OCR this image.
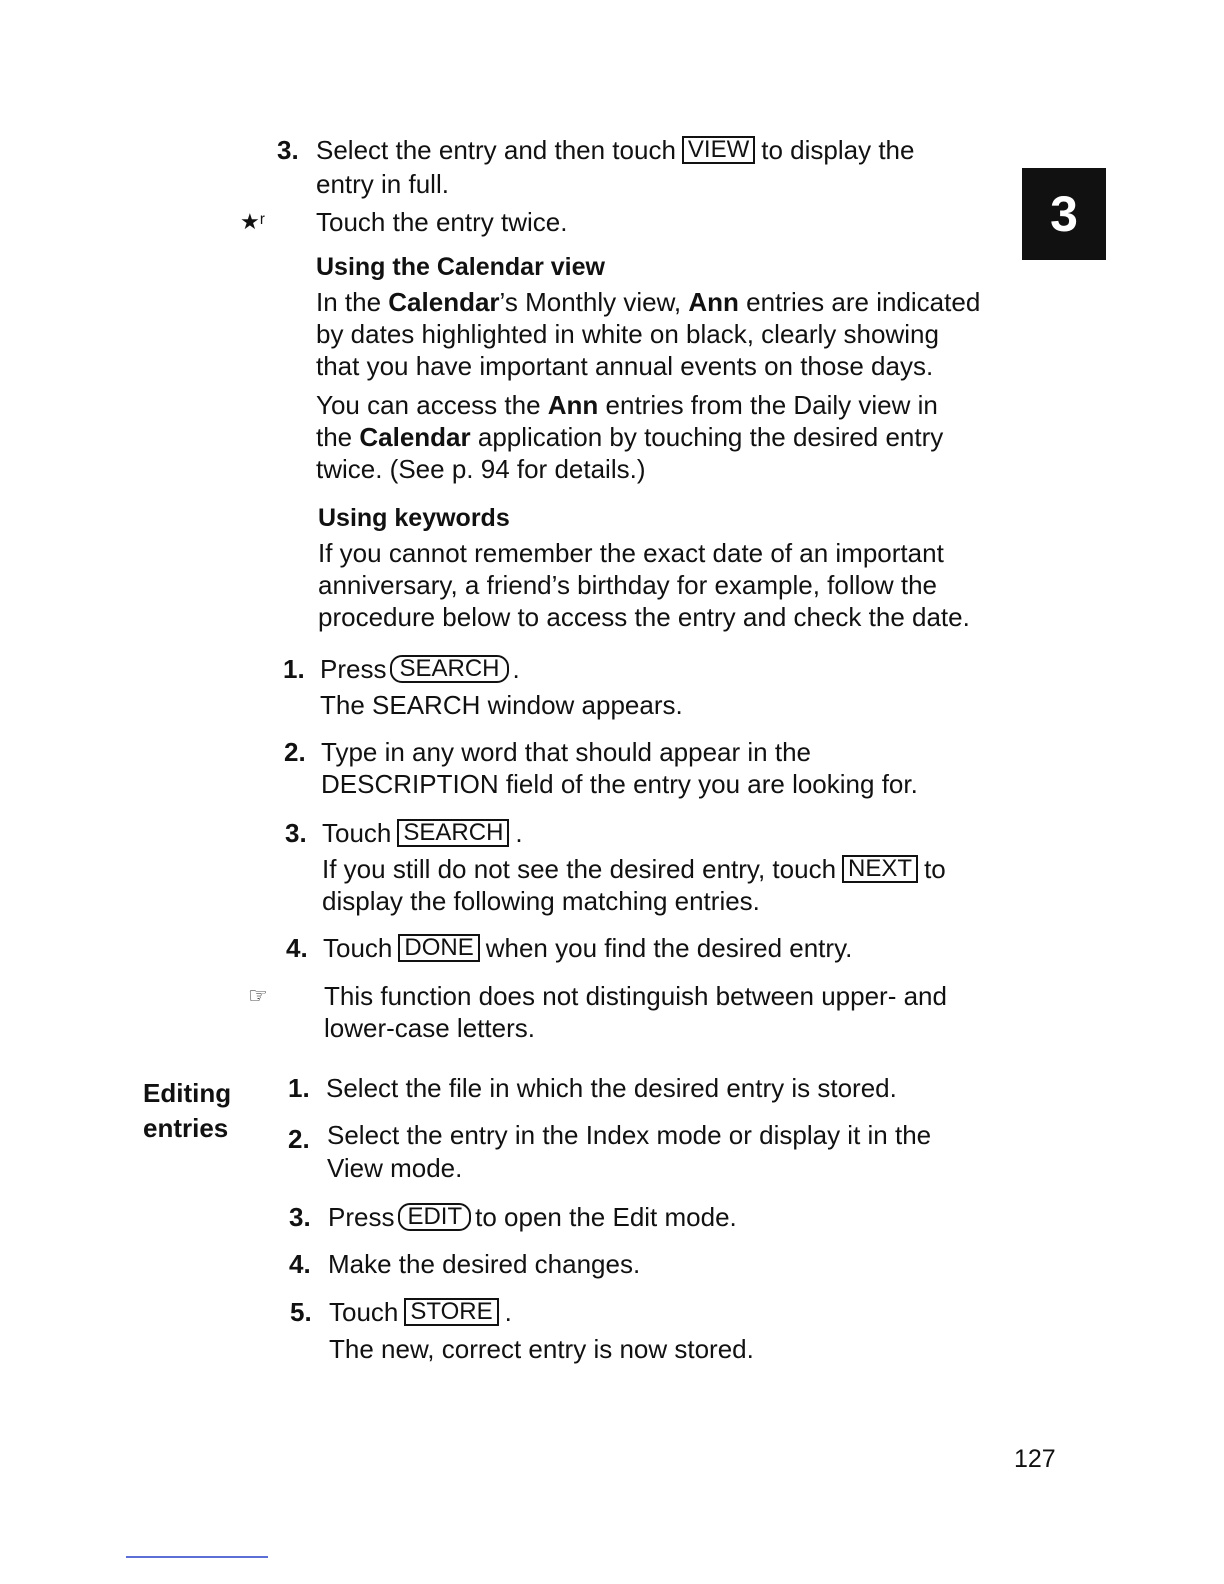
3
3. Select the entry and then touch VIEW to display the
entry in full.
★ʳ Touch the entry twice.
Using the Calendar view
In the Calendar’s Monthly view, Ann entries are indicated
by dates highlighted in white on black, clearly showing
that you have important annual events on those days.
You can access the Ann entries from the Daily view in
the Calendar application by touching the desired entry
twice. (See p. 94 for details.)
Using keywords
If you cannot remember the exact date of an important
anniversary, a friend’s birthday for example, follow the
procedure below to access the entry and check the date.
1. Press SEARCH .
The SEARCH window appears.
2. Type in any word that should appear in the
DESCRIPTION field of the entry you are looking for.
3. Touch SEARCH .
If you still do not see the desired entry, touch NEXT to
display the following matching entries.
4. Touch DONE when you find the desired entry.
☞ This function does not distinguish between upper- and
lower-case letters.
Editing
entries
1. Select the file in which the desired entry is stored.
2. Select the entry in the Index mode or display it in the
View mode.
3. Press EDIT to open the Edit mode.
4. Make the desired changes.
5. Touch STORE .
The new, correct entry is now stored.
127
